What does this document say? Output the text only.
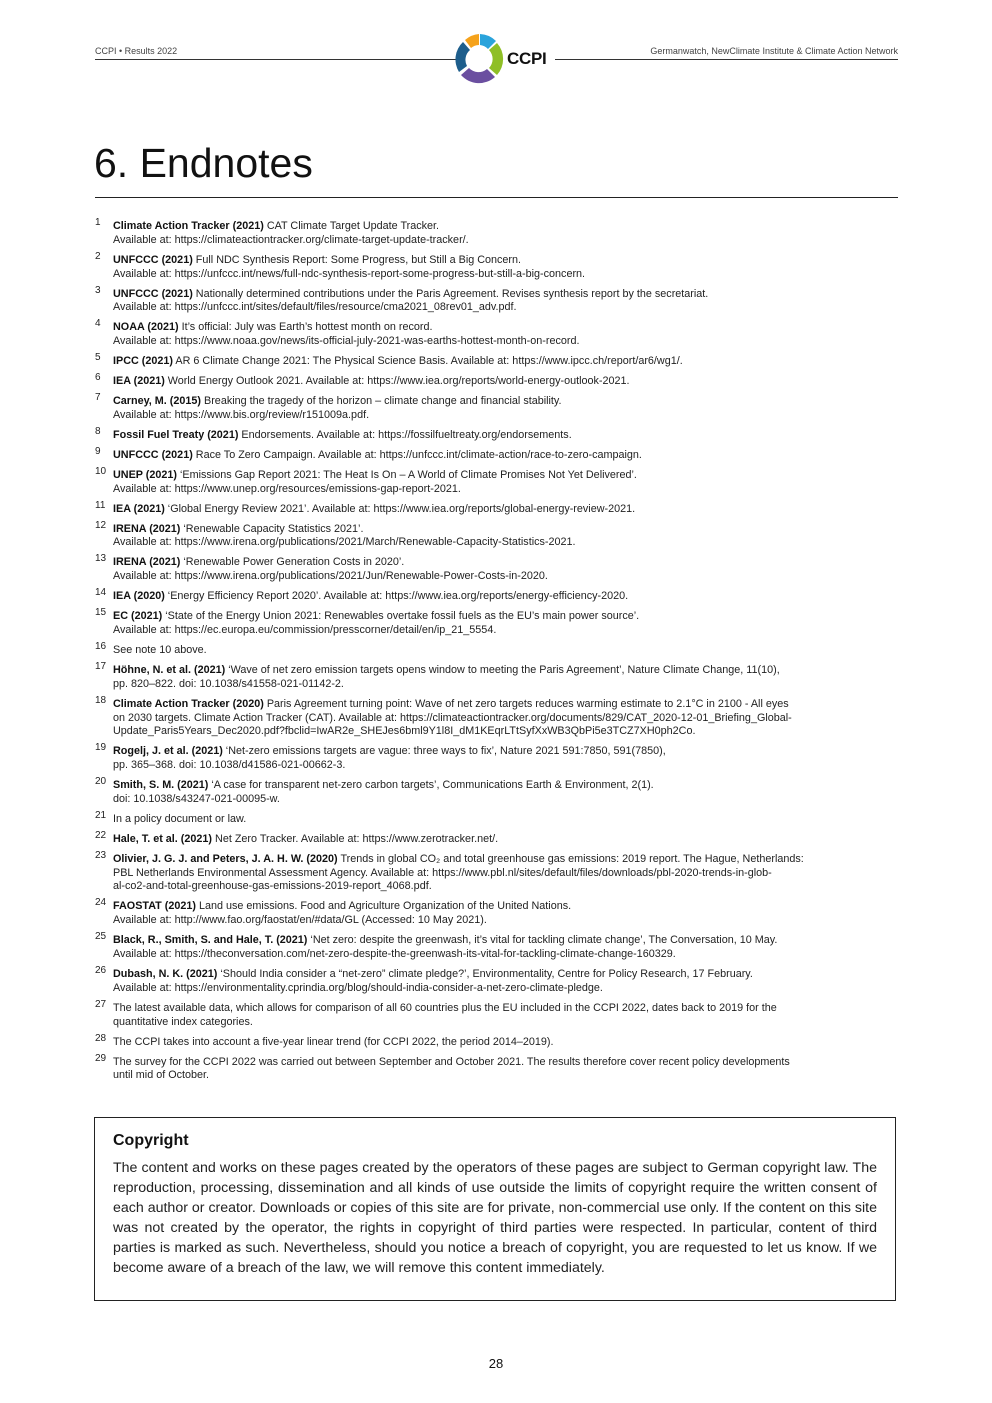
CCPI • Results 2022	CCPI	Germanwatch, NewClimate Institute & Climate Action Network
6. Endnotes
1 Climate Action Tracker (2021) CAT Climate Target Update Tracker.
Available at: https://climateactiontracker.org/climate-target-update-tracker/.
2 UNFCCC (2021) Full NDC Synthesis Report: Some Progress, but Still a Big Concern.
Available at: https://unfccc.int/news/full-ndc-synthesis-report-some-progress-but-still-a-big-concern.
3 UNFCCC (2021) Nationally determined contributions under the Paris Agreement. Revises synthesis report by the secretariat.
Available at: https://unfccc.int/sites/default/files/resource/cma2021_08rev01_adv.pdf.
4 NOAA (2021) It’s official: July was Earth’s hottest month on record.
Available at: https://www.noaa.gov/news/its-official-july-2021-was-earths-hottest-month-on-record.
5 IPCC (2021) AR 6 Climate Change 2021: The Physical Science Basis. Available at: https://www.ipcc.ch/report/ar6/wg1/.
6 IEA (2021) World Energy Outlook 2021. Available at: https://www.iea.org/reports/world-energy-outlook-2021.
7 Carney, M. (2015) Breaking the tragedy of the horizon – climate change and financial stability.
Available at: https://www.bis.org/review/r151009a.pdf.
8 Fossil Fuel Treaty (2021) Endorsements. Available at: https://fossilfueltreaty.org/endorsements.
9 UNFCCC (2021) Race To Zero Campaign. Available at: https://unfccc.int/climate-action/race-to-zero-campaign.
10 UNEP (2021) ‘Emissions Gap Report 2021: The Heat Is On – A World of Climate Promises Not Yet Delivered’.
Available at: https://www.unep.org/resources/emissions-gap-report-2021.
11 IEA (2021) ‘Global Energy Review 2021’. Available at: https://www.iea.org/reports/global-energy-review-2021.
12 IRENA (2021) ‘Renewable Capacity Statistics 2021’.
Available at: https://www.irena.org/publications/2021/March/Renewable-Capacity-Statistics-2021.
13 IRENA (2021) ‘Renewable Power Generation Costs in 2020’.
Available at: https://www.irena.org/publications/2021/Jun/Renewable-Power-Costs-in-2020.
14 IEA (2020) ‘Energy Efficiency Report 2020’. Available at: https://www.iea.org/reports/energy-efficiency-2020.
15 EC (2021) ‘State of the Energy Union 2021: Renewables overtake fossil fuels as the EU’s main power source’.
Available at: https://ec.europa.eu/commission/presscorner/detail/en/ip_21_5554.
16 See note 10 above.
17 Höhne, N. et al. (2021) ‘Wave of net zero emission targets opens window to meeting the Paris Agreement’, Nature Climate Change, 11(10),
pp. 820–822. doi: 10.1038/s41558-021-01142-2.
18 Climate Action Tracker (2020) Paris Agreement turning point: Wave of net zero targets reduces warming estimate to 2.1°C in 2100 - All eyes
on 2030 targets. Climate Action Tracker (CAT). Available at: https://climateactiontracker.org/documents/829/CAT_2020-12-01_Briefing_Global-
Update_Paris5Years_Dec2020.pdf?fbclid=IwAR2e_SHEJes6bml9Y1l8I_dM1KEqrLTtSyfXxWB3QbPi5e3TCZ7XH0ph2Co.
19 Rogelj, J. et al. (2021) ‘Net-zero emissions targets are vague: three ways to fix’, Nature 2021 591:7850, 591(7850),
pp. 365–368. doi: 10.1038/d41586-021-00662-3.
20 Smith, S. M. (2021) ‘A case for transparent net-zero carbon targets’, Communications Earth & Environment, 2(1).
doi: 10.1038/s43247-021-00095-w.
21 In a policy document or law.
22 Hale, T. et al. (2021) Net Zero Tracker. Available at: https://www.zerotracker.net/.
23 Olivier, J. G. J. and Peters, J. A. H. W. (2020) Trends in global CO₂ and total greenhouse gas emissions: 2019 report. The Hague, Netherlands:
PBL Netherlands Environmental Assessment Agency. Available at: https://www.pbl.nl/sites/default/files/downloads/pbl-2020-trends-in-glob-
al-co2-and-total-greenhouse-gas-emissions-2019-report_4068.pdf.
24 FAOSTAT (2021) Land use emissions. Food and Agriculture Organization of the United Nations.
Available at: http://www.fao.org/faostat/en/#data/GL (Accessed: 10 May 2021).
25 Black, R., Smith, S. and Hale, T. (2021) ‘Net zero: despite the greenwash, it’s vital for tackling climate change’, The Conversation, 10 May.
Available at: https://theconversation.com/net-zero-despite-the-greenwash-its-vital-for-tackling-climate-change-160329.
26 Dubash, N. K. (2021) ‘Should India consider a “net-zero” climate pledge?’, Environmentality, Centre for Policy Research, 17 February.
Available at: https://environmentality.cprindia.org/blog/should-india-consider-a-net-zero-climate-pledge.
27 The latest available data, which allows for comparison of all 60 countries plus the EU included in the CCPI 2022, dates back to 2019 for the
quantitative index categories.
28 The CCPI takes into account a five-year linear trend (for CCPI 2022, the period 2014–2019).
29 The survey for the CCPI 2022 was carried out between September and October 2021. The results therefore cover recent policy developments
until mid of October.
Copyright

The content and works on these pages created by the operators of these pages are subject to German copyright law. The reproduction, processing, dissemination and all kinds of use outside the limits of copyright require the written consent of each author or creator. Downloads or copies of this site are for private, non-commercial use only. If the content on this site was not created by the operator, the rights in copyright of third parties were respected. In particular, content of third parties is marked as such. Nevertheless, should you notice a breach of copyright, you are requested to let us know. If we become aware of a breach of the law, we will remove this content immediately.

28
